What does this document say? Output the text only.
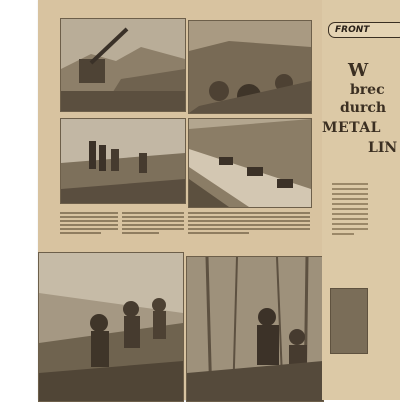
FRONT
W
brec
durch
METAL
LIN
